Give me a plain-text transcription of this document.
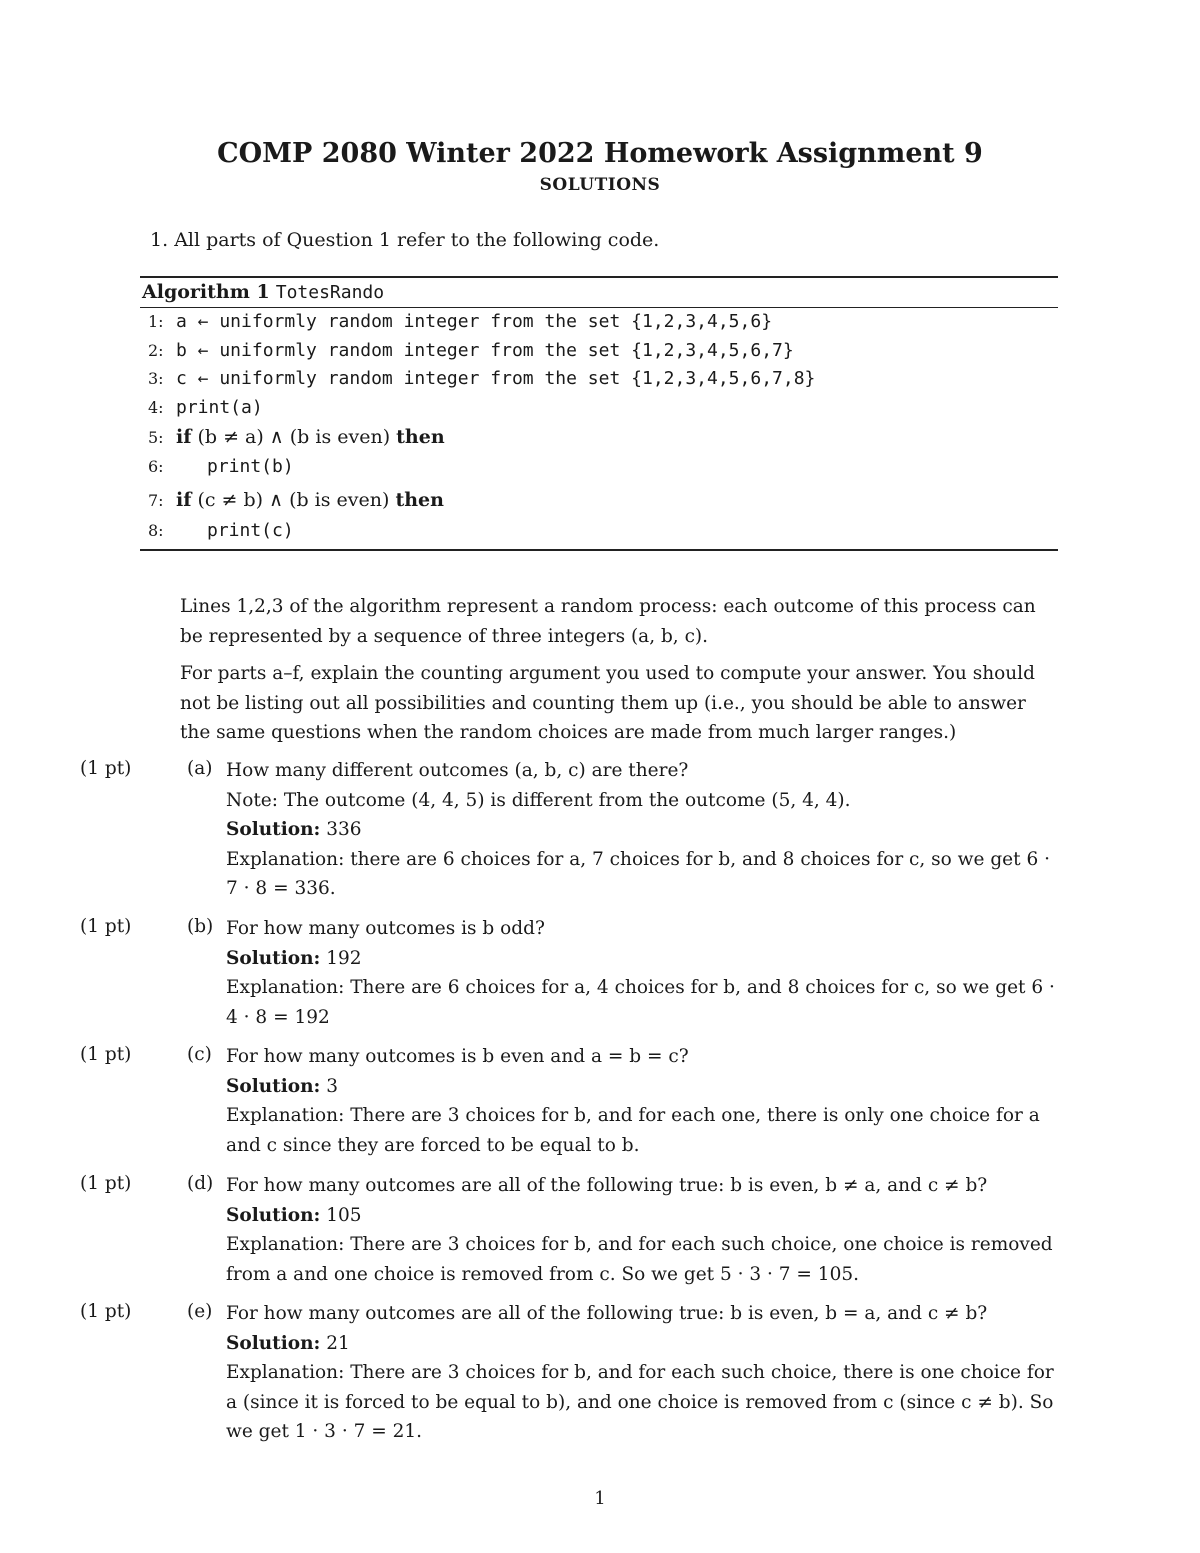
COMP 2080 Winter 2022 Homework Assignment 9
SOLUTIONS
1. All parts of Question 1 refer to the following code.
Algorithm 1 TotesRando
1: a ← uniformly random integer from the set {1,2,3,4,5,6}
2: b ← uniformly random integer from the set {1,2,3,4,5,6,7}
3: c ← uniformly random integer from the set {1,2,3,4,5,6,7,8}
4: print(a)
5: if (b ≠ a) ∧ (b is even) then
6: print(b)
7: if (c ≠ b) ∧ (b is even) then
8: print(c)
Lines 1,2,3 of the algorithm represent a random process: each outcome of this process can be represented by a sequence of three integers (a, b, c).
For parts a–f, explain the counting argument you used to compute your answer. You should not be listing out all possibilities and counting them up (i.e., you should be able to answer the same questions when the random choices are made from much larger ranges.)
(1 pt)	(a) How many different outcomes (a, b, c) are there?
Note: The outcome (4, 4, 5) is different from the outcome (5, 4, 4).
Solution: 336
Explanation: there are 6 choices for a, 7 choices for b, and 8 choices for c, so we get 6 · 7 · 8 = 336.
(1 pt)	(b) For how many outcomes is b odd?
Solution: 192
Explanation: There are 6 choices for a, 4 choices for b, and 8 choices for c, so we get 6 · 4 · 8 = 192
(1 pt)	(c) For how many outcomes is b even and a = b = c?
Solution: 3
Explanation: There are 3 choices for b, and for each one, there is only one choice for a and c since they are forced to be equal to b.
(1 pt)	(d) For how many outcomes are all of the following true: b is even, b ≠ a, and c ≠ b?
Solution: 105
Explanation: There are 3 choices for b, and for each such choice, one choice is removed from a and one choice is removed from c. So we get 5 · 3 · 7 = 105.
(1 pt)	(e) For how many outcomes are all of the following true: b is even, b = a, and c ≠ b?
Solution: 21
Explanation: There are 3 choices for b, and for each such choice, there is one choice for a (since it is forced to be equal to b), and one choice is removed from c (since c ≠ b). So we get 1 · 3 · 7 = 21.
1
